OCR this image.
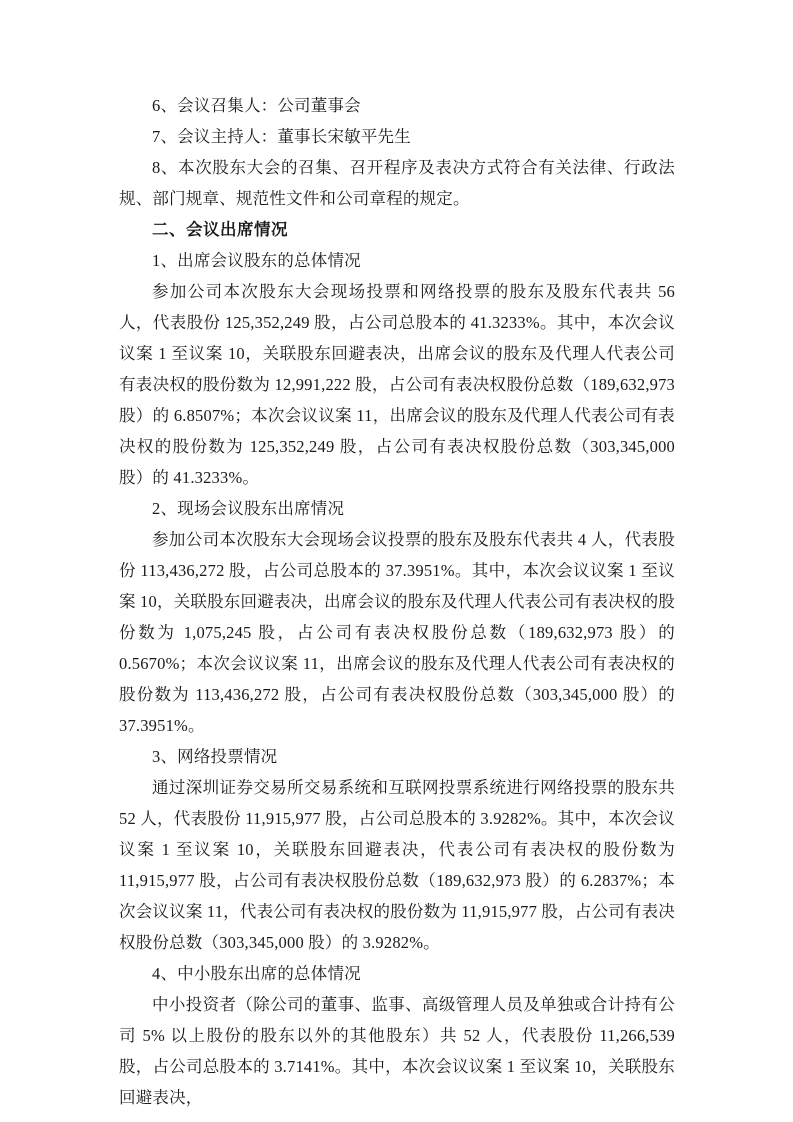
6、会议召集人：公司董事会

7、会议主持人：董事长宋敏平先生

8、本次股东大会的召集、召开程序及表决方式符合有关法律、行政法规、部门规章、规范性文件和公司章程的规定。

二、会议出席情况

1、出席会议股东的总体情况

参加公司本次股东大会现场投票和网络投票的股东及股东代表共 56 人，代表股份 125,352,249 股，占公司总股本的 41.3233%。其中，本次会议议案 1 至议案 10，关联股东回避表决，出席会议的股东及代理人代表公司有表决权的股份数为 12,991,222 股，占公司有表决权股份总数（189,632,973 股）的 6.8507%；本次会议议案 11，出席会议的股东及代理人代表公司有表决权的股份数为 125,352,249 股，占公司有表决权股份总数（303,345,000 股）的 41.3233%。

2、现场会议股东出席情况

参加公司本次股东大会现场会议投票的股东及股东代表共 4 人，代表股份 113,436,272 股，占公司总股本的 37.3951%。其中，本次会议议案 1 至议案 10，关联股东回避表决，出席会议的股东及代理人代表公司有表决权的股份数为 1,075,245 股，占公司有表决权股份总数（189,632,973 股）的 0.5670%；本次会议议案 11，出席会议的股东及代理人代表公司有表决权的股份数为 113,436,272 股，占公司有表决权股份总数（303,345,000 股）的 37.3951%。

3、网络投票情况

通过深圳证券交易所交易系统和互联网投票系统进行网络投票的股东共 52 人，代表股份 11,915,977 股，占公司总股本的 3.9282%。其中，本次会议议案 1 至议案 10，关联股东回避表决，代表公司有表决权的股份数为 11,915,977 股，占公司有表决权股份总数（189,632,973 股）的 6.2837%；本次会议议案 11，代表公司有表决权的股份数为 11,915,977 股，占公司有表决权股份总数（303,345,000 股）的 3.9282%。

4、中小股东出席的总体情况

中小投资者（除公司的董事、监事、高级管理人员及单独或合计持有公司 5% 以上股份的股东以外的其他股东）共 52 人，代表股份 11,266,539 股，占公司总股本的 3.7141%。其中，本次会议议案 1 至议案 10，关联股东回避表决，
